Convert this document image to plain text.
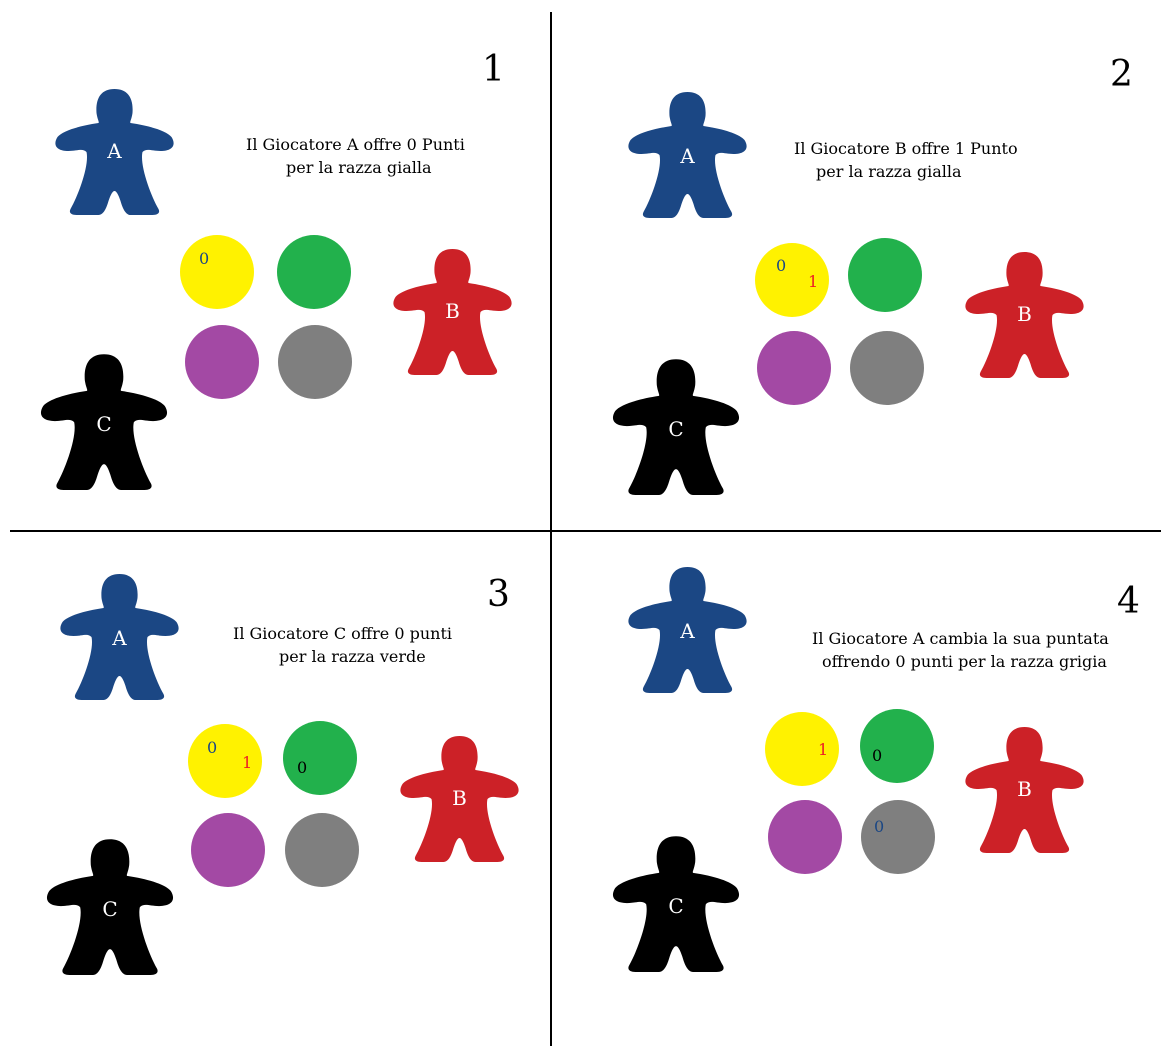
1
Il Giocatore A offre 0 Punti
per la razza gialla
A
B
C
0
2
Il Giocatore B offre 1 Punto
per la razza gialla
A
B
C
0
1
3
Il Giocatore C offre 0 punti
per la razza verde
A
B
C
0
1	0
4
Il Giocatore A cambia la sua puntata
offrendo 0 punti per la razza grigia
A
B
C
1	0
0
